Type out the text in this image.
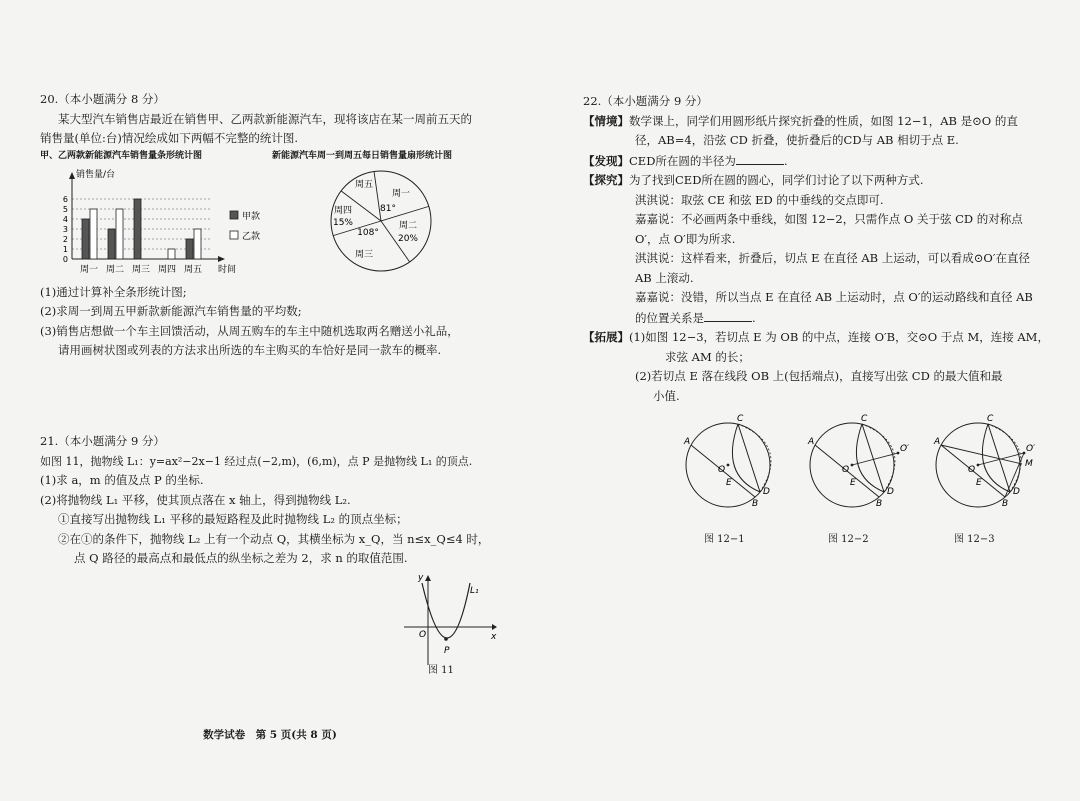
20.（本小题满分 8 分）
某大型汽车销售店最近在销售甲、乙两款新能源汽车，现将该店在某一周前五天的
销售量(单位:台)情况绘成如下两幅不完整的统计图.
甲、乙两款新能源汽车销售量条形统计图	新能源汽车周一到周五每日销售量扇形统计图
0
1
2
3
4
5
6
销售量/台
时间
周一 周二 周三 周四 周五
甲款
乙款
周一
81°
周二
20%
周三
108°
周四
15%
周五
(1)通过计算补全条形统计图;
(2)求周一到周五甲新款新能源汽车销售量的平均数;
(3)销售店想做一个车主回馈活动，从周五购车的车主中随机选取两名赠送小礼品，
请用画树状图或列表的方法求出所选的车主购买的车恰好是同一款车的概率.
21.（本小题满分 9 分）
如图 11，抛物线 L₁：y=ax²−2x−1 经过点(−2,m)，(6,m)，点 P 是抛物线 L₁ 的顶点.
(1)求 a，m 的值及点 P 的坐标.
(2)将抛物线 L₁ 平移，使其顶点落在 x 轴上，得到抛物线 L₂.
①直接写出抛物线 L₁ 平移的最短路程及此时抛物线 L₂ 的顶点坐标；
②在①的条件下，抛物线 L₂ 上有一个动点 Q，其横坐标为 x_Q，当 n≤x_Q≤4 时，
点 Q 路径的最高点和最低点的纵坐标之差为 2，求 n 的取值范围.
y
x
O
P
L₁
图 11
数学试卷　第 5 页(共 8 页)
22.（本小题满分 9 分）
【情境】数学课上，同学们用圆形纸片探究折叠的性质，如图 12−1，AB 是⊙O 的直
径，AB=4，沿弦 CD 折叠，使折叠后的CD与 AB 相切于点 E.
【发现】CED所在圆的半径为	.
【探究】为了找到CED所在圆的圆心，同学们讨论了以下两种方式.
淇淇说：取弦 CE 和弦 ED 的中垂线的交点即可.
嘉嘉说：不必画两条中垂线，如图 12−2，只需作点 O 关于弦 CD 的对称点
O′，点 O′即为所求.
淇淇说：这样看来，折叠后，切点 E 在直径 AB 上运动，可以看成⊙O′在直径
AB 上滚动.
嘉嘉说：没错，所以当点 E 在直径 AB 上运动时，点 O′的运动路线和直径 AB
的位置关系是	.
【拓展】(1)如图 12−3，若切点 E 为 OB 的中点，连接 O′B，交⊙O 于点 M，连接 AM，
求弦 AM 的长；
(2)若切点 E 落在线段 OB 上(包括端点)，直接写出弦 CD 的最大值和最
小值.
A
C
O
E
D
B
图 12−1
A
C
O
E
D
B
O′
图 12−2
A
C
O
E
D
B
O′
M
图 12−3
